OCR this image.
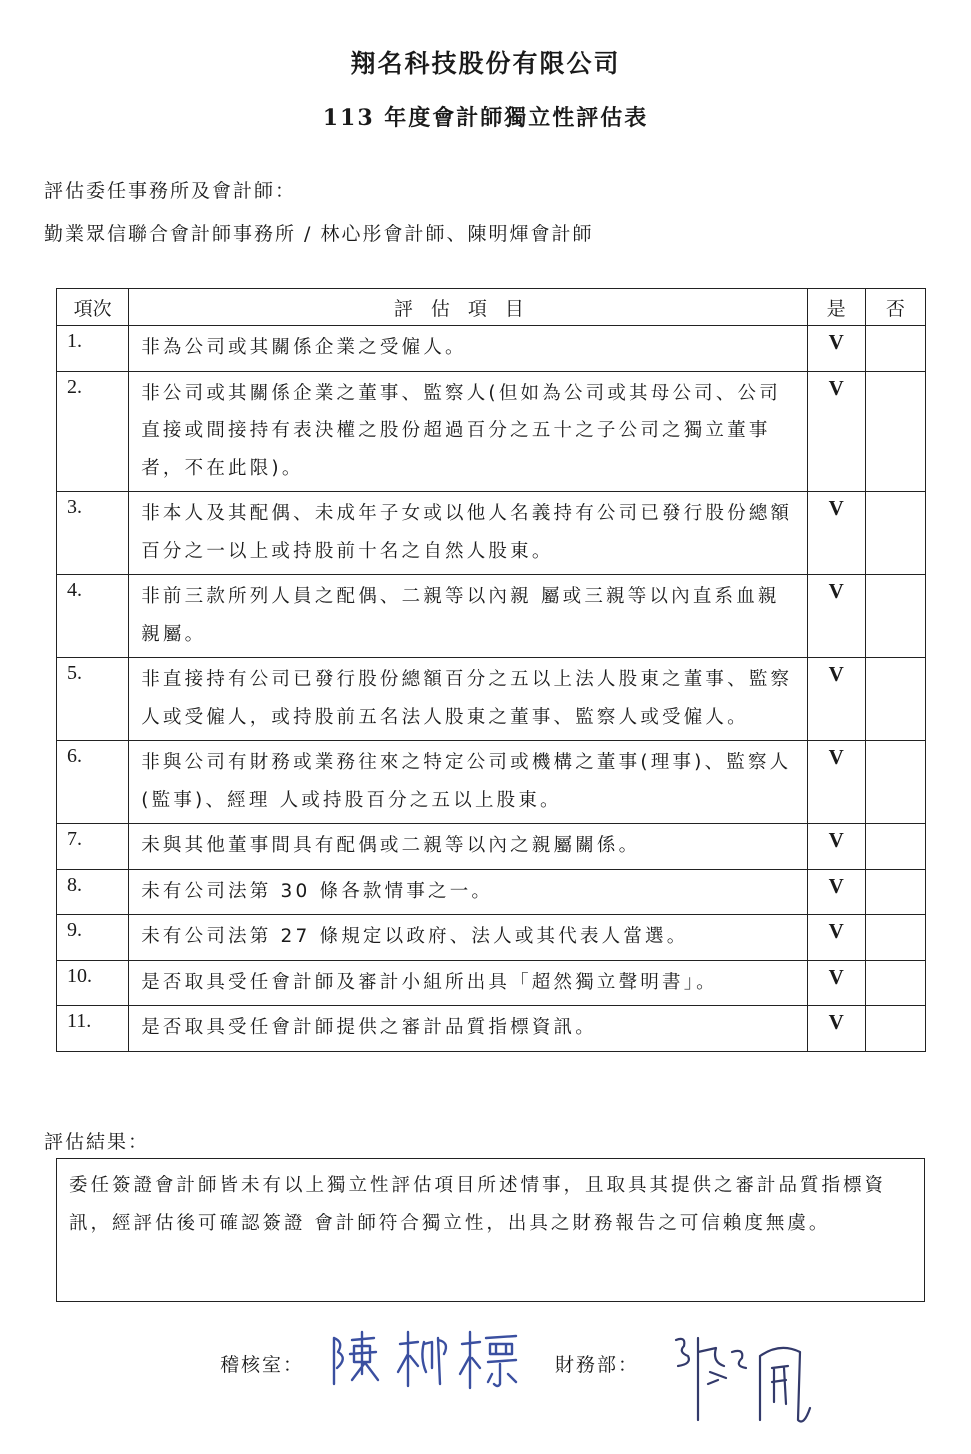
翔名科技股份有限公司
113 年度會計師獨立性評估表
評估委任事務所及會計師：
勤業眾信聯合會計師事務所 / 林心彤會計師、陳明煇會計師
項次	評估項目	是	否
1.	非為公司或其關係企業之受僱人。	V	
2.	非公司或其關係企業之董事、監察人(但如為公司或其母公司、公司直接或間接持有表決權之股份超過百分之五十之子公司之獨立董事者，不在此限)。	V	
3.	非本人及其配偶、未成年子女或以他人名義持有公司已發行股份總額百分之一以上或持股前十名之自然人股東。	V	
4.	非前三款所列人員之配偶、二親等以內親 屬或三親等以內直系血親親屬。	V	
5.	非直接持有公司已發行股份總額百分之五以上法人股東之董事、監察人或受僱人，或持股前五名法人股東之董事、監察人或受僱人。	V	
6.	非與公司有財務或業務往來之特定公司或機構之董事(理事)、監察人(監事)、經理 人或持股百分之五以上股東。	V	
7.	未與其他董事間具有配偶或二親等以內之親屬關係。	V	
8.	未有公司法第 30 條各款情事之一。	V	
9.	未有公司法第 27 條規定以政府、法人或其代表人當選。	V	
10.	是否取具受任會計師及審計小組所出具「超然獨立聲明書」。	V	
11.	是否取具受任會計師提供之審計品質指標資訊。	V	
評估結果：
委任簽證會計師皆未有以上獨立性評估項目所述情事，且取具其提供之審計品質指標資訊，經評估後可確認簽證 會計師符合獨立性，出具之財務報告之可信賴度無虞。
稽核室：	財務部：
